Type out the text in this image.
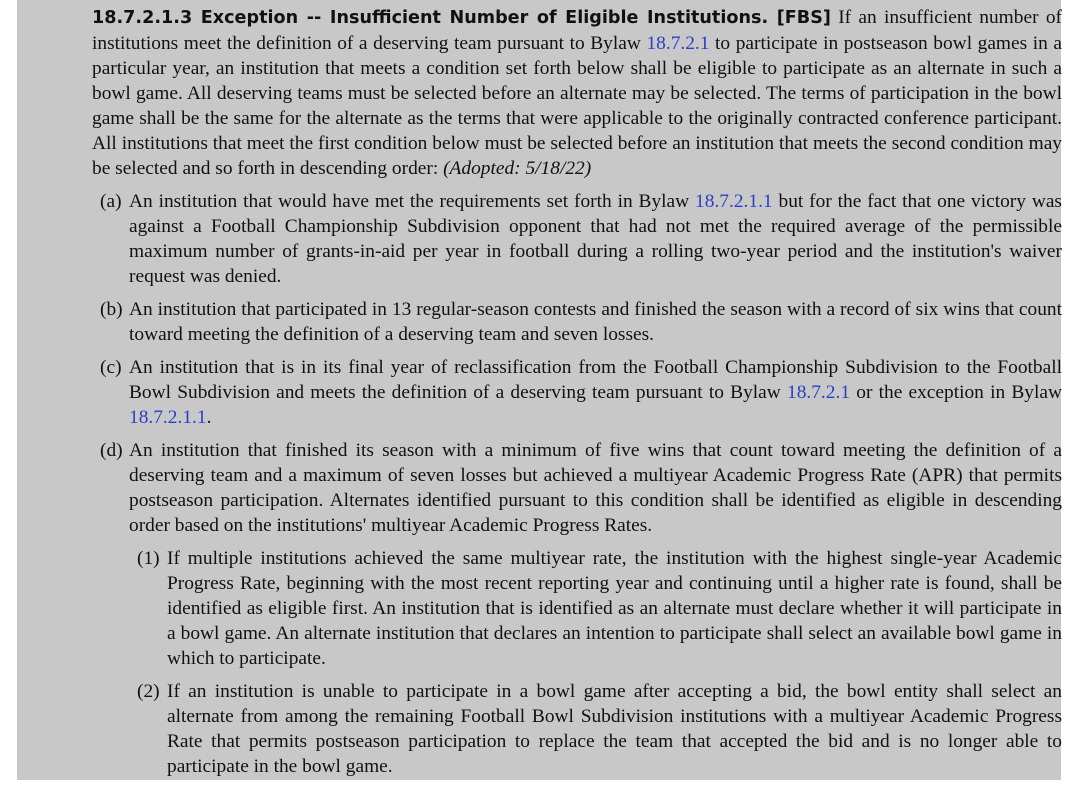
18.7.2.1.3 Exception -- Insufficient Number of Eligible Institutions. [FBS] If an insufficient number of institutions meet the definition of a deserving team pursuant to Bylaw 18.7.2.1 to participate in postseason bowl games in a particular year, an institution that meets a condition set forth below shall be eligible to participate as an alternate in such a bowl game. All deserving teams must be selected before an alternate may be selected. The terms of participation in the bowl game shall be the same for the alternate as the terms that were applicable to the originally contracted conference participant. All institutions that meet the first condition below must be selected before an institution that meets the second condition may be selected and so forth in descending order: (Adopted: 5/18/22)

(a) An institution that would have met the requirements set forth in Bylaw 18.7.2.1.1 but for the fact that one victory was against a Football Championship Subdivision opponent that had not met the required average of the permissible maximum number of grants-in-aid per year in football during a rolling two-year period and the institution's waiver request was denied.
(b) An institution that participated in 13 regular-season contests and finished the season with a record of six wins that count toward meeting the definition of a deserving team and seven losses.
(c) An institution that is in its final year of reclassification from the Football Championship Subdivision to the Football Bowl Subdivision and meets the definition of a deserving team pursuant to Bylaw 18.7.2.1 or the exception in Bylaw 18.7.2.1.1.
(d) An institution that finished its season with a minimum of five wins that count toward meeting the definition of a deserving team and a maximum of seven losses but achieved a multiyear Academic Progress Rate (APR) that permits postseason participation. Alternates identified pursuant to this condition shall be identified as eligible in descending order based on the institutions' multiyear Academic Progress Rates.
(1) If multiple institutions achieved the same multiyear rate, the institution with the highest single-year Academic Progress Rate, beginning with the most recent reporting year and continuing until a higher rate is found, shall be identified as eligible first. An institution that is identified as an alternate must declare whether it will participate in a bowl game. An alternate institution that declares an intention to participate shall select an available bowl game in which to participate.
(2) If an institution is unable to participate in a bowl game after accepting a bid, the bowl entity shall select an alternate from among the remaining Football Bowl Subdivision institutions with a multiyear Academic Progress Rate that permits postseason participation to replace the team that accepted the bid and is no longer able to participate in the bowl game.
